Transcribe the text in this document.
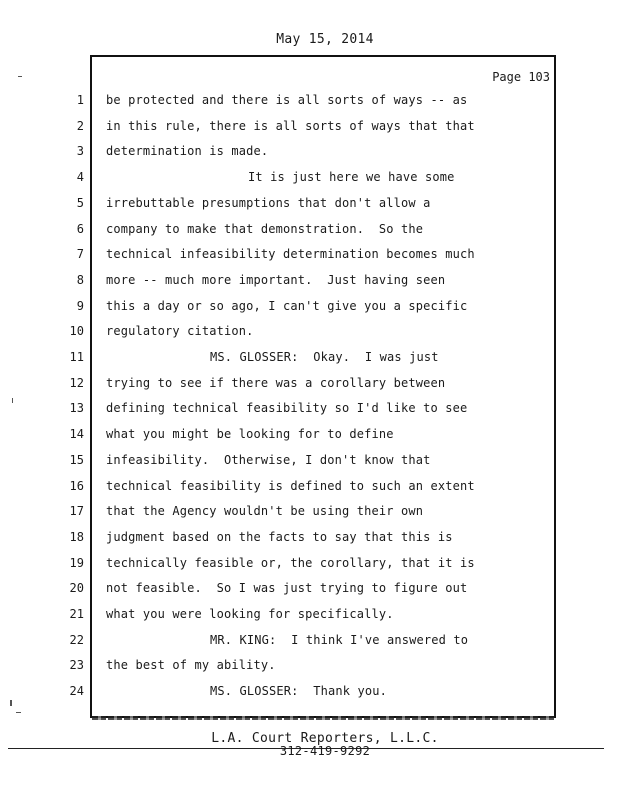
May 15, 2014
Page 103
1 be protected and there is all sorts of ways -- as
2 in this rule, there is all sorts of ways that that
3 determination is made.
4	It is just here we have some
5 irrebuttable presumptions that don't allow a
6 company to make that demonstration.  So the
7 technical infeasibility determination becomes much
8 more -- much more important.  Just having seen
9 this a day or so ago, I can't give you a specific
10 regulatory citation.
11	MS. GLOSSER:  Okay.  I was just
12 trying to see if there was a corollary between
13 defining technical feasibility so I'd like to see
14 what you might be looking for to define
15 infeasibility.  Otherwise, I don't know that
16 technical feasibility is defined to such an extent
17 that the Agency wouldn't be using their own
18 judgment based on the facts to say that this is
19 technically feasible or, the corollary, that it is
20 not feasible.  So I was just trying to figure out
21 what you were looking for specifically.
22	MR. KING:  I think I've answered to
23 the best of my ability.
24	MS. GLOSSER:  Thank you.
L.A. Court Reporters, L.L.C.
312-419-9292
